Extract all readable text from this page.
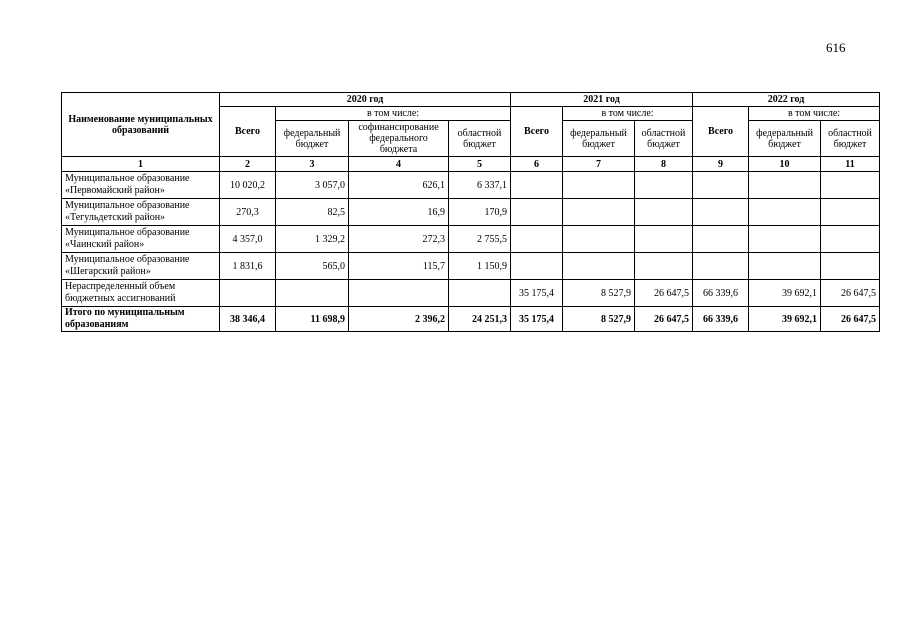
616
Наименование муниципальных образований	2020 год				2021 год			2022 год		
	Всего	в том числе:			Всего	в том числе:		Всего	в том числе:	
		федеральный бюджет	софинансирование федерального бюджета	областной бюджет		федеральный бюджет	областной бюджет		федеральный бюджет	областной бюджет
1	2	3	4	5	6	7	8	9	10	11
Муниципальное образование «Первомайский район»	10 020,2	3 057,0	626,1	6 337,1						
Муниципальное образование «Тегульдетский район»	270,3	82,5	16,9	170,9						
Муниципальное образование «Чаинский район»	4 357,0	1 329,2	272,3	2 755,5						
Муниципальное образование «Шегарский район»	1 831,6	565,0	115,7	1 150,9						
Нераспределенный объем бюджетных ассигнований					35 175,4	8 527,9	26 647,5	66 339,6	39 692,1	26 647,5
Итого по муниципальным образованиям	38 346,4	11 698,9	2 396,2	24 251,3	35 175,4	8 527,9	26 647,5	66 339,6	39 692,1	26 647,5
